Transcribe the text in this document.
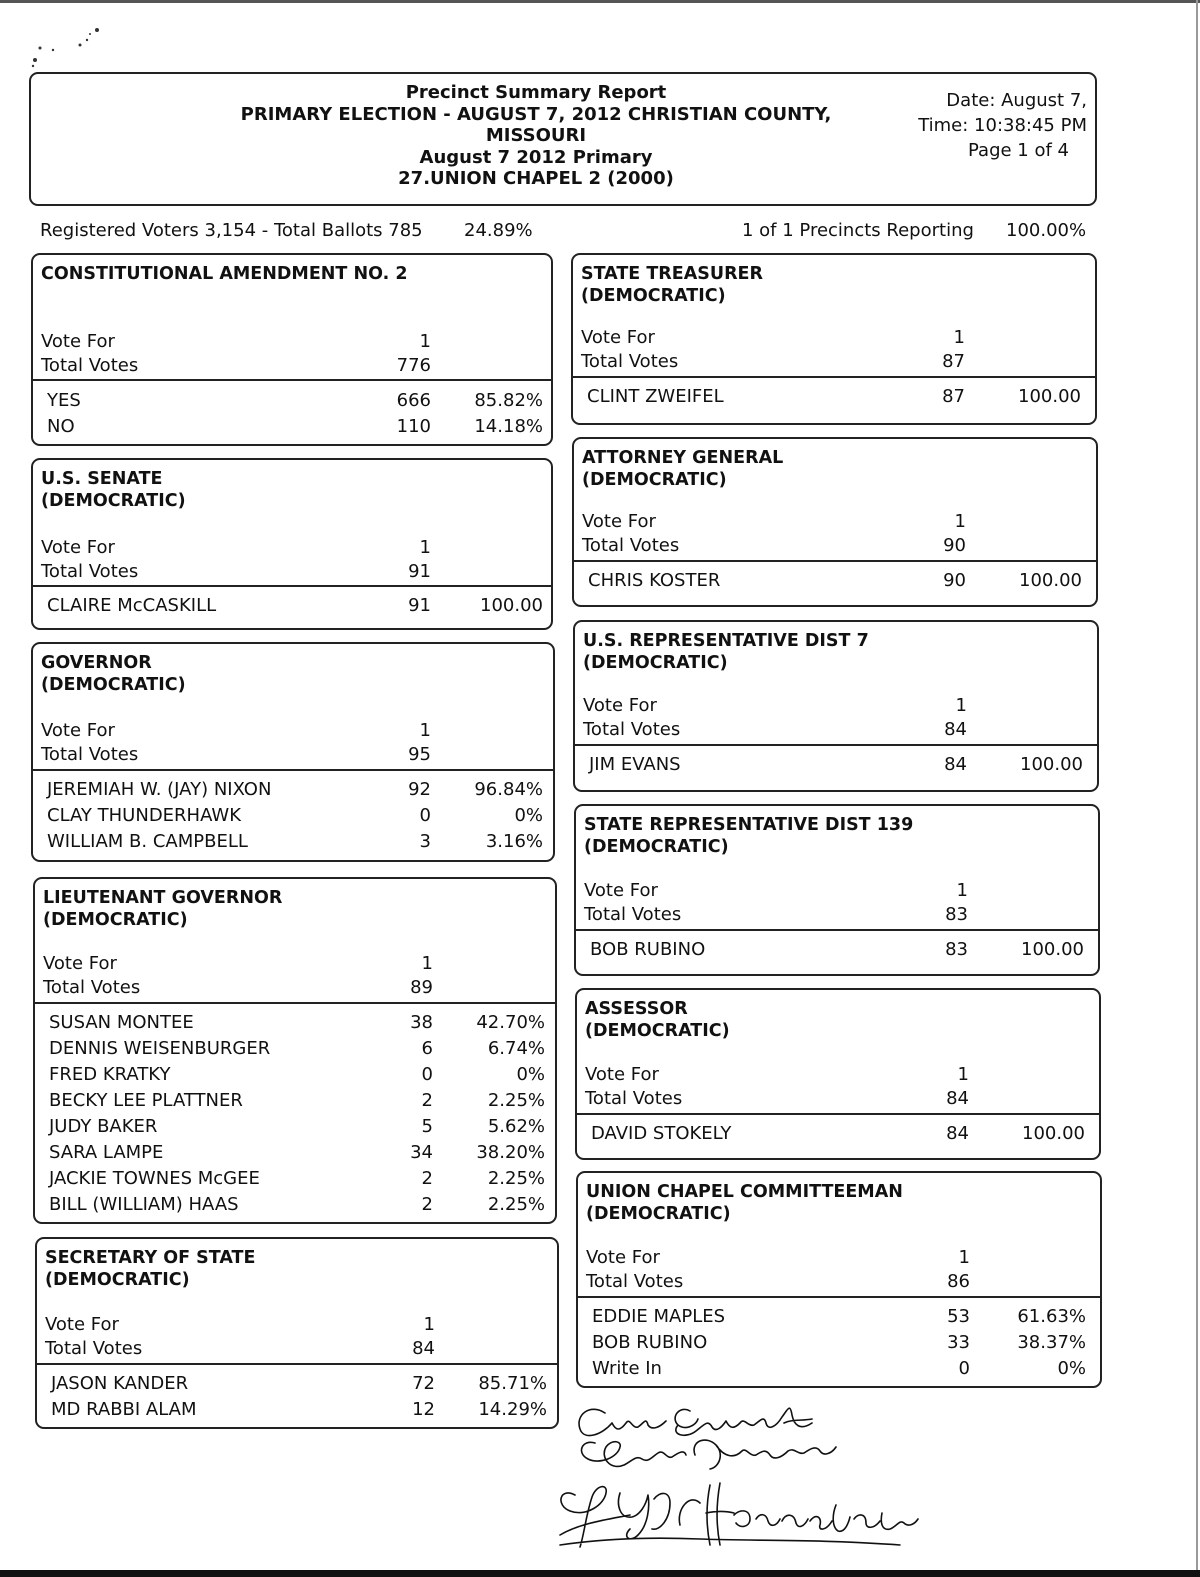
Precinct Summary Report
PRIMARY ELECTION - AUGUST 7, 2012 CHRISTIAN COUNTY,
MISSOURI
August 7 2012 Primary
27.UNION CHAPEL 2 (2000)
Date: August 7,
Time: 10:38:45 PM
Page 1 of 4
Registered Voters 3,154 - Total Ballots 785 24.89%	1 of 1 Precincts Reporting 100.00%
CONSTITUTIONAL AMENDMENT NO. 2
Vote For	1
Total Votes	776
YES	666	85.82%
NO	110	14.18%
U.S. SENATE
(DEMOCRATIC)
Vote For	1
Total Votes	91
CLAIRE McCASKILL	91	100.00
GOVERNOR
(DEMOCRATIC)
Vote For	1
Total Votes	95
JEREMIAH W. (JAY) NIXON	92	96.84%
CLAY THUNDERHAWK	0	0%
WILLIAM B. CAMPBELL	3	3.16%
LIEUTENANT GOVERNOR
(DEMOCRATIC)
Vote For	1
Total Votes	89
SUSAN MONTEE	38	42.70%
DENNIS WEISENBURGER	6	6.74%
FRED KRATKY	0	0%
BECKY LEE PLATTNER	2	2.25%
JUDY BAKER	5	5.62%
SARA LAMPE	34	38.20%
JACKIE TOWNES McGEE	2	2.25%
BILL (WILLIAM) HAAS	2	2.25%
SECRETARY OF STATE
(DEMOCRATIC)
Vote For	1
Total Votes	84
JASON KANDER	72	85.71%
MD RABBI ALAM	12	14.29%
STATE TREASURER
(DEMOCRATIC)
Vote For	1
Total Votes	87
CLINT ZWEIFEL	87	100.00
ATTORNEY GENERAL
(DEMOCRATIC)
Vote For	1
Total Votes	90
CHRIS KOSTER	90	100.00
U.S. REPRESENTATIVE DIST 7
(DEMOCRATIC)
Vote For	1
Total Votes	84
JIM EVANS	84	100.00
STATE REPRESENTATIVE DIST 139
(DEMOCRATIC)
Vote For	1
Total Votes	83
BOB RUBINO	83	100.00
ASSESSOR
(DEMOCRATIC)
Vote For	1
Total Votes	84
DAVID STOKELY	84	100.00
UNION CHAPEL COMMITTEEMAN
(DEMOCRATIC)
Vote For	1
Total Votes	86
EDDIE MAPLES	53	61.63%
BOB RUBINO	33	38.37%
Write In	0	0%
